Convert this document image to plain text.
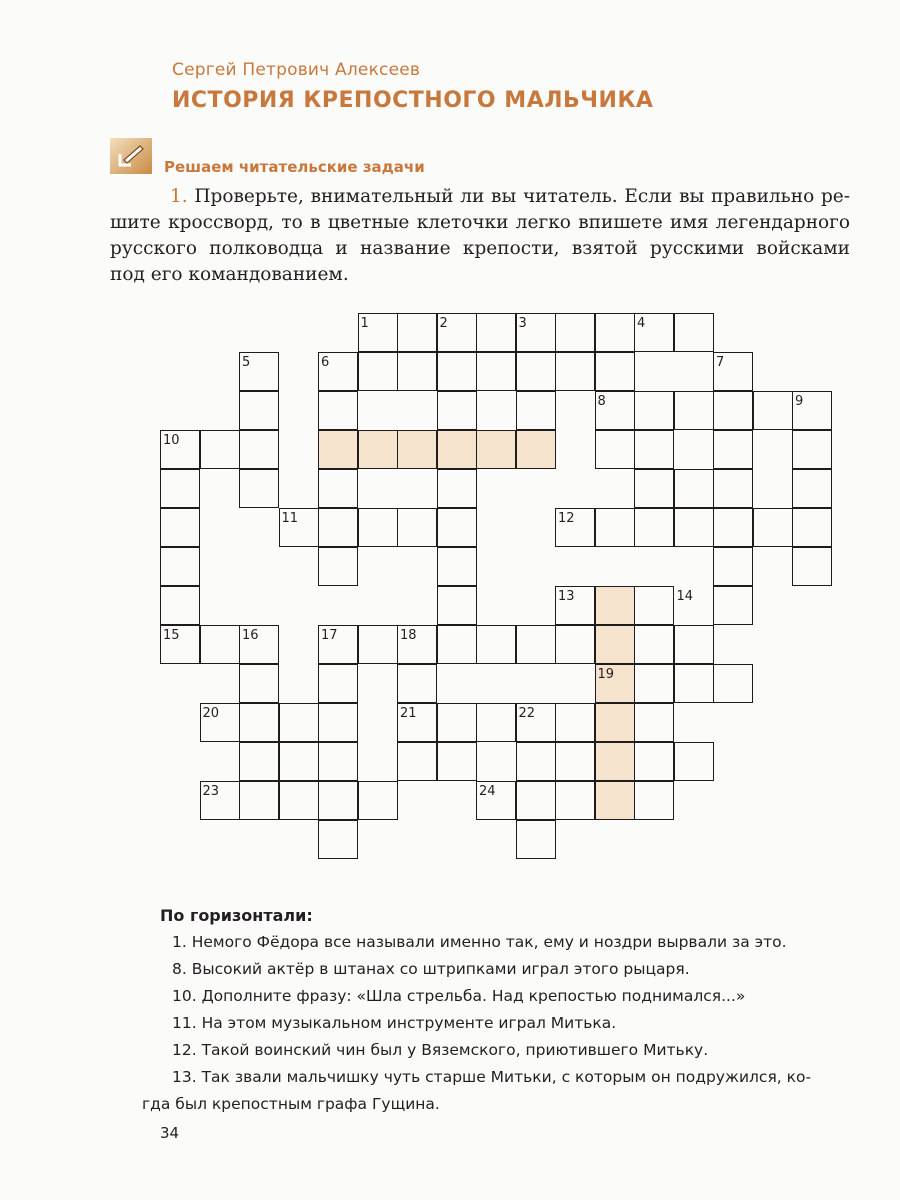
Сергей Петрович Алексеев
ИСТОРИЯ КРЕПОСТНОГО МАЛЬЧИКА
Решаем читательские задачи
1. Проверьте, внимательный ли вы читатель. Если вы правильно ре-
шите кроссворд, то в цветные клеточки легко впишете имя легендарного
русского полководца и название крепости, взятой русскими войсками
под его командованием.
1	2	3	4
5	6	7
8	9
10
11	12
13	14
15	16	17	18
19
20	21	22
23	24
По горизонтали:
1. Немого Фёдора все называли именно так, ему и ноздри вырвали за это.
8. Высокий актёр в штанах со штрипками играл этого рыцаря.
10. Дополните фразу: «Шла стрельба. Над крепостью поднимался...»
11. На этом музыкальном инструменте играл Митька.
12. Такой воинский чин был у Вяземского, приютившего Митьку.
13. Так звали мальчишку чуть старше Митьки, с которым он подружился, ко-
гда был крепостным графа Гущина.
34
